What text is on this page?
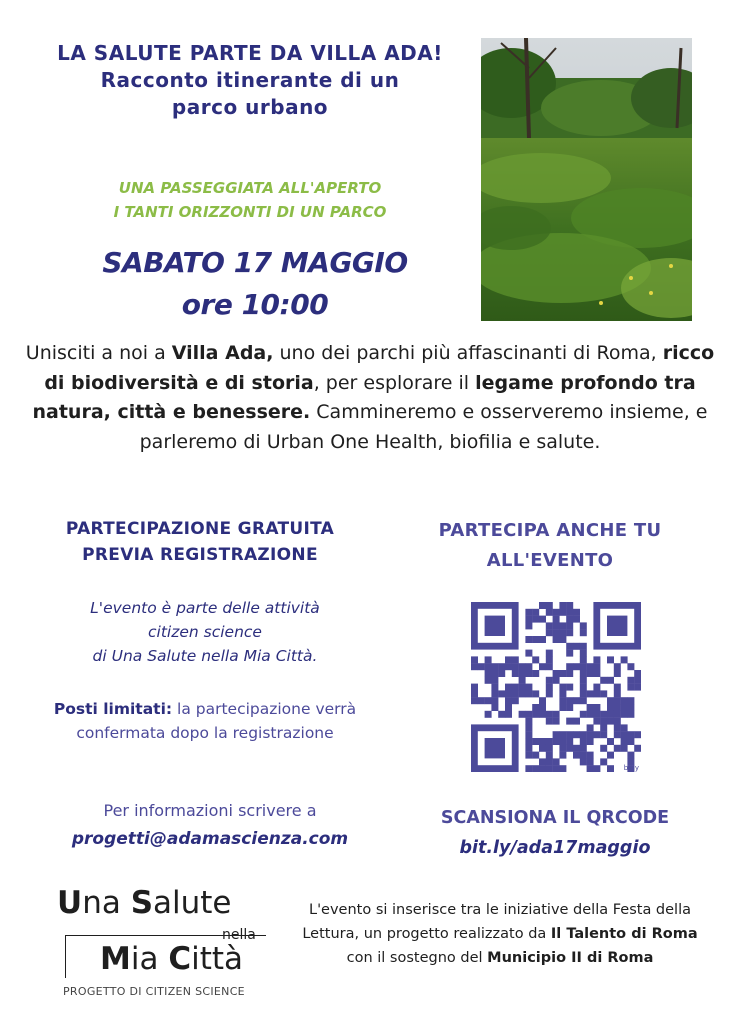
LA SALUTE PARTE DA VILLA ADA!
Racconto itinerante di un
parco urbano
UNA PASSEGGIATA ALL'APERTO
I TANTI ORIZZONTI DI UN PARCO
SABATO 17 MAGGIO
ore 10:00
Unisciti a noi a Villa Ada, uno dei parchi più affascinanti di Roma, ricco di biodiversità e di storia, per esplorare il legame profondo tra natura, città e benessere. Cammineremo e osserveremo insieme, e parleremo di Urban One Health, biofilia e salute.
PARTECIPAZIONE GRATUITA
PREVIA REGISTRAZIONE
L'evento è parte delle attività
citizen science
di Una Salute nella Mia Città.
Posti limitati: la partecipazione verrà confermata dopo la registrazione
Per informazioni scrivere a
progetti@adamascienza.com
PARTECIPA ANCHE TU
ALL'EVENTO
bitly
SCANSIONA IL QRCODE
bit.ly/ada17maggio
Una Salute
nella
Mia Città
PROGETTO DI CITIZEN SCIENCE
L'evento si inserisce tra le iniziative della Festa della Lettura, un progetto realizzato da Il Talento di Roma con il sostegno del Municipio II di Roma
